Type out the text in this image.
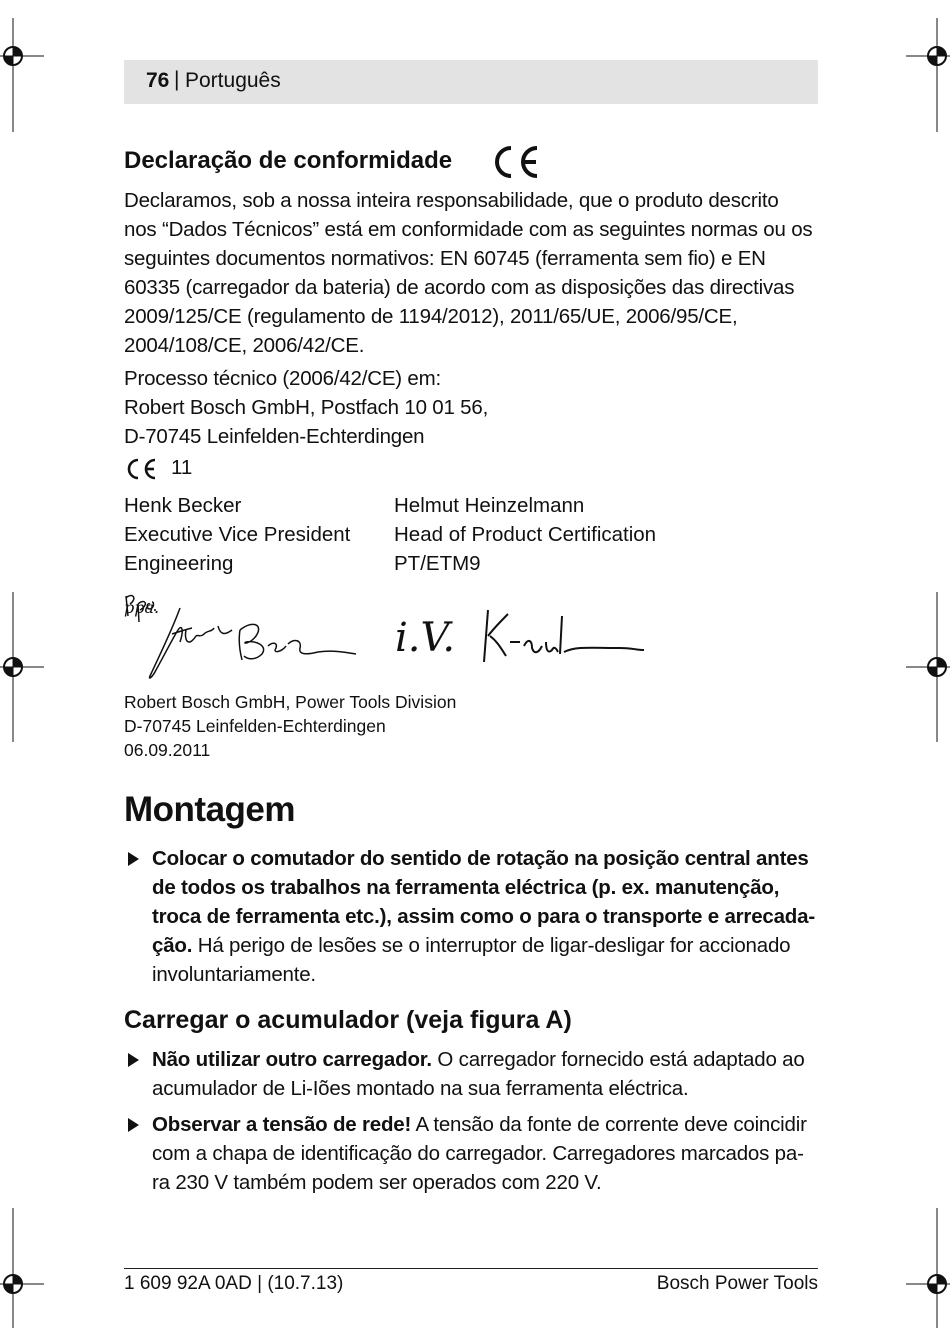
76 | Português
Declaração de conformidade
Declaramos, sob a nossa inteira responsabilidade, que o produto descrito
nos “Dados Técnicos” está em conformidade com as seguintes normas ou os
seguintes documentos normativos: EN 60745 (ferramenta sem fio) e EN
60335 (carregador da bateria) de acordo com as disposições das directivas
2009/125/CE (regulamento de 1194/2012), 2011/65/UE, 2006/95/CE,
2004/108/CE, 2006/42/CE.
Processo técnico (2006/42/CE) em:
Robert Bosch GmbH, Postfach 10 01 56,
D-70745 Leinfelden-Echterdingen
11
Henk Becker
Executive Vice President
Engineering
Helmut Heinzelmann
Head of Product Certification
PT/ETM9
i.V.
Robert Bosch GmbH, Power Tools Division
D-70745 Leinfelden-Echterdingen
06.09.2011
Montagem
Colocar o comutador do sentido de rotação na posição central antes
de todos os trabalhos na ferramenta eléctrica (p. ex. manutenção,
troca de ferramenta etc.), assim como o para o transporte e arrecada-
ção. Há perigo de lesões se o interruptor de ligar-desligar for accionado
involuntariamente.
Carregar o acumulador (veja figura A)
Não utilizar outro carregador. O carregador fornecido está adaptado ao
acumulador de Li-Iões montado na sua ferramenta eléctrica.
Observar a tensão de rede! A tensão da fonte de corrente deve coincidir
com a chapa de identificação do carregador. Carregadores marcados pa-
ra 230 V também podem ser operados com 220 V.
1 609 92A 0AD | (10.7.13)	Bosch Power Tools
ppa.
